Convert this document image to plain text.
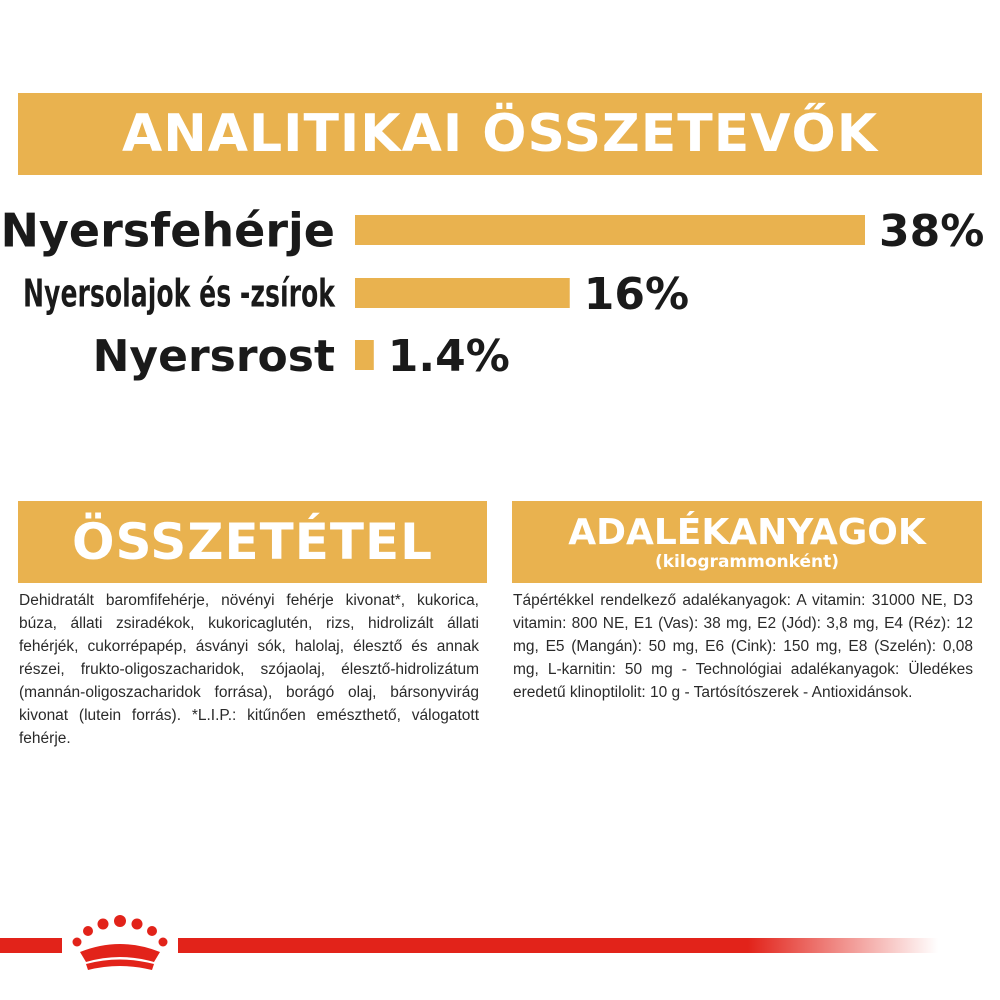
ANALITIKAI ÖSSZETEVŐK
Nyersfehérje	38%
Nyersolajok és -zsírok	16%
Nyersrost 1.4%
ÖSSZETÉTEL
Dehidratált baromfifehérje, növényi fehérje kivonat*, kukorica, búza, állati zsiradékok, kukoricaglutén, rizs, hidrolizált állati fehérjék, cukorrépapép, ásványi sók, halolaj, élesztő és annak részei, frukto-oligoszacharidok, szójaolaj, élesztő-hidrolizátum (mannán-oligoszacharidok forrása), borágó olaj, bársonyvirág kivonat (lutein forrás). *L.I.P.: kitűnően emészthető, válogatott fehérje.
ADALÉKANYAGOK
(kilogrammonként)
Tápértékkel rendelkező adalékanyagok: A vitamin: 31000 NE, D3 vitamin: 800 NE, E1 (Vas): 38 mg, E2 (Jód): 3,8 mg, E4 (Réz): 12 mg, E5 (Mangán): 50 mg, E6 (Cink): 150 mg, E8 (Szelén): 0,08 mg, L-karnitin: 50 mg - Technológiai adalékanyagok: Üledékes eredetű klinoptilolit: 10 g - Tartósítószerek - Antioxidánsok.
